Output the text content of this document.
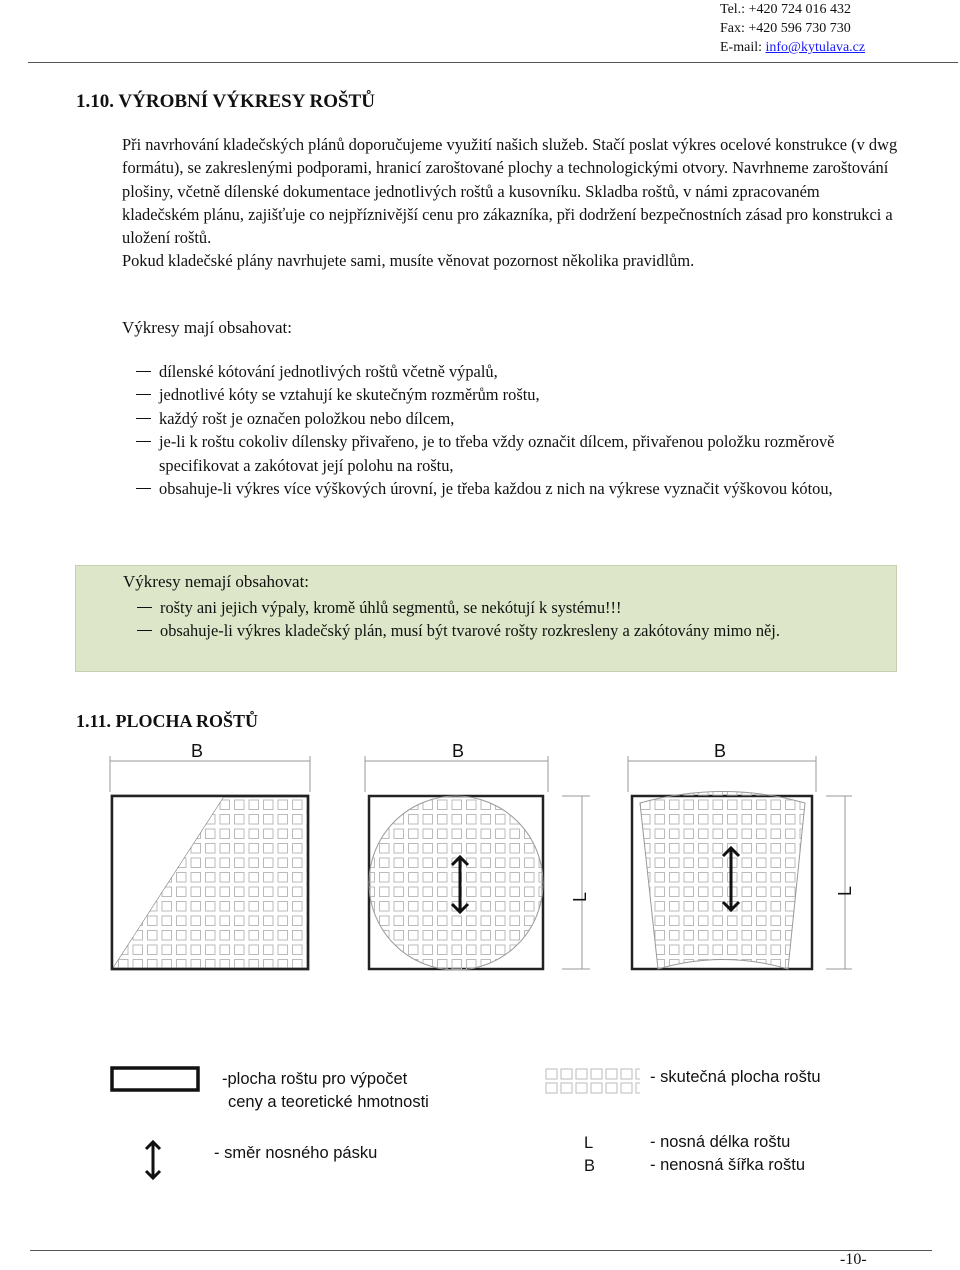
Tel.: +420 724 016 432
Fax: +420 596 730 730
E-mail: info@kytulava.cz
1.10. VÝROBNÍ VÝKRESY ROŠTŮ
Při navrhování kladečských plánů doporučujeme využití našich služeb. Stačí poslat výkres ocelové konstrukce (v dwg formátu), se zakreslenými podporami, hranicí zaroštované plochy a technologickými otvory. Navrhneme zaroštování plošiny, včetně dílenské dokumentace jednotlivých roštů a kusovníku. Skladba roštů, v námi zpracovaném kladečském plánu, zajišťuje co nejpříznivější cenu pro zákazníka, při dodržení bezpečnostních zásad pro konstrukci a uložení roštů.
Pokud kladečské plány navrhujete sami, musíte věnovat pozornost několika pravidlům.
Výkresy mají obsahovat:
dílenské kótování jednotlivých roštů včetně výpalů,
jednotlivé kóty se vztahují ke skutečným rozměrům roštu,
každý rošt je označen položkou nebo dílcem,
je-li k roštu cokoliv dílensky přivařeno, je to třeba vždy označit dílcem, přivařenou položku rozměrově specifikovat a zakótovat její polohu na roštu,
obsahuje-li výkres více výškových úrovní, je třeba každou z nich na výkrese vyznačit výškovou kótou,
Výkresy nemají obsahovat:
rošty ani jejich výpaly, kromě úhlů segmentů, se nekótují k systému!!!
obsahuje-li výkres kladečský plán, musí být tvarové rošty rozkresleny a zakótovány mimo něj.
1.11. PLOCHA ROŠTŮ
B	B
L
B
L
-plocha roštu pro výpočet
ceny a teoretické hmotnosti
- skutečná plocha roštu
- směr nosného pásku
L
B
- nosná délka roštu
- nenosná šířka roštu
-10-
